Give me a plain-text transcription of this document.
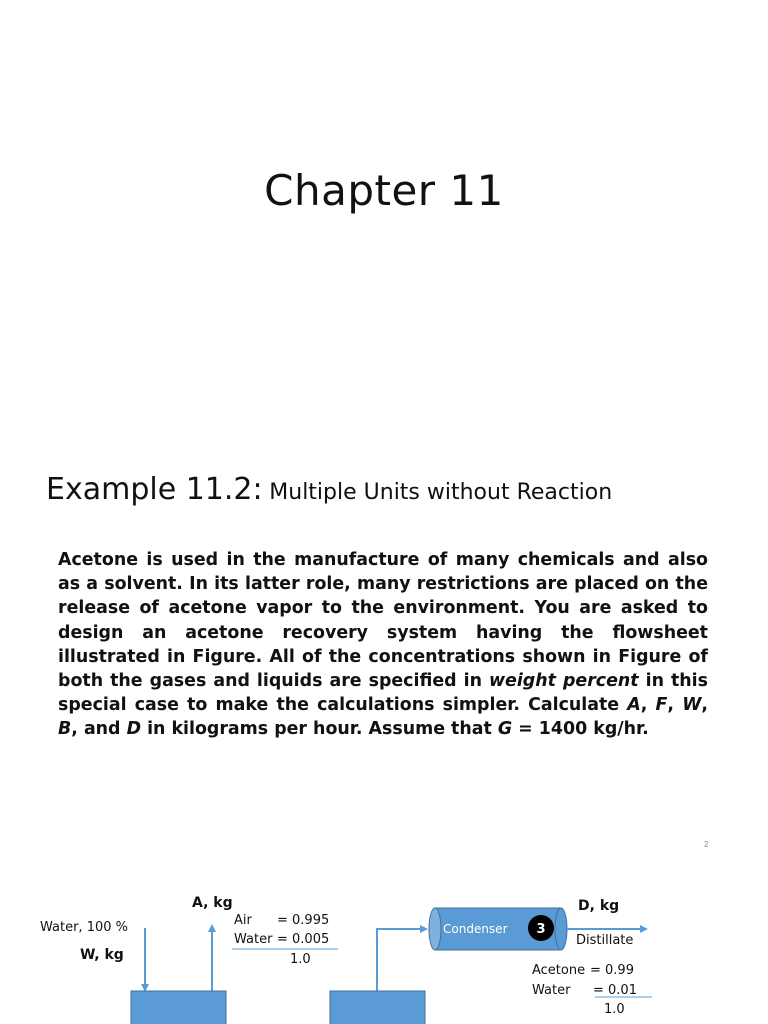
Chapter 11
Example 11.2: Multiple Units without Reaction

Acetone is used in the manufacture of many chemicals and also as a solvent. In its latter role, many restrictions are placed on the release of acetone vapor to the environment. You are asked to design an acetone recovery system having the flowsheet illustrated in Figure. All of the concentrations shown in Figure of both the gases and liquids are specified in weight percent in this special case to make the calculations simpler. Calculate A, F, W, B, and D in kilograms per hour. Assume that G = 1400 kg/hr.

2
Condenser 3
Water, 100 %
W, kg
A, kg
Air = 0.995
Water = 0.005
1.0
D, kg
Distillate
Acetone = 0.99
Water = 0.01
1.0
